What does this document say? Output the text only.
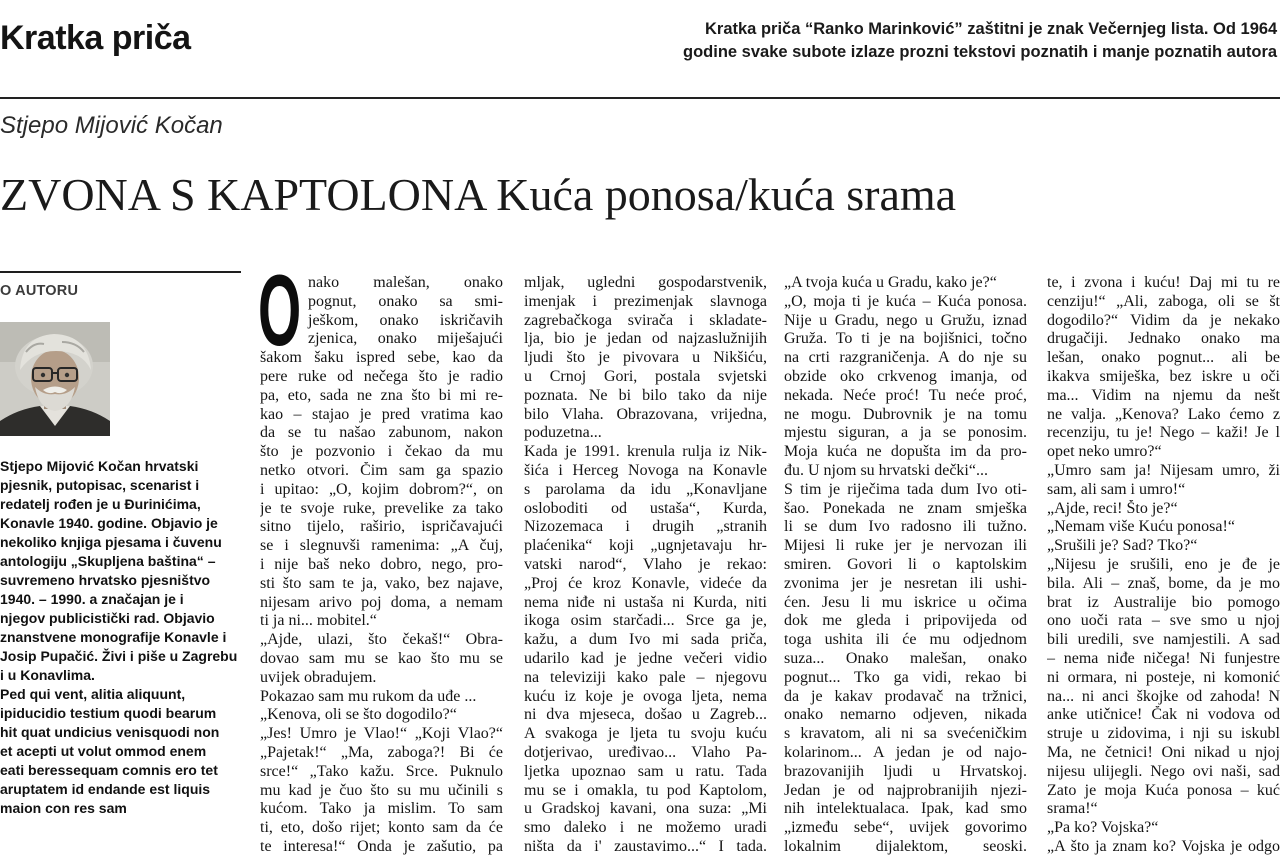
Kratka priča	Kratka priča “Ranko Marinković” zaštitni je znak Večernjeg lista. Od 1964
godine svake subote izlaze prozni tekstovi poznatih i manje poznatih autora
Stjepo Mijović Kočan
ZVONA S KAPTOLONA Kuća ponosa/kuća srama
O AUTORU
Stjepo Mijović Kočan hrvatski
pjesnik, putopisac, scenarist i
redatelj rođen je u Đurinićima,
Konavle 1940. godine. Objavio je
nekoliko knjiga pjesama i čuvenu
antologiju „Skupljena baština“ –
suvremeno hrvatsko pjesništvo
1940. – 1990. a značajan je i
njegov publicistički rad. Objavio
znanstvene monografije Konavle i
Josip Pupačić. Živi i piše u Zagrebu
i u Konavlima.
Ped qui vent, alitia aliquunt,
ipiducidio testium quodi bearum
hit quat undicius venisquodi non
et acepti ut volut ommod enem
eati beressequam comnis ero tet
aruptatem id endande est liquis
maion con res sam
O nako malešan, onako
pognut, onako sa smi-
ješkom, onako iskričavih
zjenica, onako miješajući
šakom šaku ispred sebe, kao da
pere ruke od nečega što je radio
pa, eto, sada ne zna što bi mi re-
kao – stajao je pred vratima kao
da se tu našao zabunom, nakon
što je pozvonio i čekao da mu
netko otvori. Čim sam ga spazio
i upitao: „O, kojim dobrom?“, on
je te svoje ruke, prevelike za tako
sitno tijelo, raširio, ispričavajući
se i slegnuvši ramenima: „A čuj,
i nije baš neko dobro, nego, pro-
sti što sam te ja, vako, bez najave,
nijesam arivo poj doma, a nemam
ti ja ni... mobitel.“
„Ajde, ulazi, što čekaš!“ Obra-
dovao sam mu se kao što mu se
uvijek obradujem.
Pokazao sam mu rukom da uđe ...
„Kenova, oli se što dogodilo?“
„Jes! Umro je Vlao!“ „Koji Vlao?“
„Pajetak!“ „Ma, zaboga?! Bi će
srce!“ „Tako kažu. Srce. Puknulo
mu kad je čuo što su mu učinili s
kućom. Tako ja mislim. To sam
ti, eto, došo rijet; konto sam da će
te interesa!“ Onda je zašutio, pa
mljak, ugledni gospodarstvenik,
imenjak i prezimenjak slavnoga
zagrebačkoga svirača i skladate-
lja, bio je jedan od najzaslužnijih
ljudi što je pivovara u Nikšiću,
u Crnoj Gori, postala svjetski
poznata. Ne bi bilo tako da nije
bilo Vlaha. Obrazovana, vrijedna,
poduzetna...
Kada je 1991. krenula rulja iz Nik-
šića i Herceg Novoga na Konavle
s parolama da idu „Konavljane
osloboditi od ustaša“, Kurda,
Nizozemaca i drugih „stranih
plaćenika“ koji „ugnjetavaju hr-
vatski narod“, Vlaho je rekao:
„Proj će kroz Konavle, videće da
nema niđe ni ustaša ni Kurda, niti
ikoga osim starčadi... Srce ga je,
kažu, a dum Ivo mi sada priča,
udarilo kad je jedne večeri vidio
na televiziji kako pale – njegovu
kuću iz koje je ovoga ljeta, nema
ni dva mjeseca, došao u Zagreb...
A svakoga je ljeta tu svoju kuću
dotjerivao, uređivao... Vlaho Pa-
ljetka upoznao sam u ratu. Tada
mu se i omakla, tu pod Kaptolom,
u Gradskoj kavani, ona suza: „Mi
smo daleko i ne možemo uradi
ništa da i' zaustavimo...“ I tada.
„A tvoja kuća u Gradu, kako je?“
„O, moja ti je kuća – Kuća ponosa.
Nije u Gradu, nego u Gružu, iznad
Gruža. To ti je na bojišnici, točno
na crti razgraničenja. A do nje su
obzide oko crkvenog imanja, od
nekada. Neće proć! Tu neće proć,
ne mogu. Dubrovnik je na tomu
mjestu siguran, a ja se ponosim.
Moja kuća ne dopušta im da pro-
đu. U njom su hrvatski dečki“...
S tim je riječima tada dum Ivo oti-
šao. Ponekada ne znam smješka
li se dum Ivo radosno ili tužno.
Mijesi li ruke jer je nervozan ili
smiren. Govori li o kaptolskim
zvonima jer je nesretan ili ushi-
ćen. Jesu li mu iskrice u očima
dok me gleda i pripovijeda od
toga ushita ili će mu odjednom
suza... Onako malešan, onako
pognut... Tko ga vidi, rekao bi
da je kakav prodavač na tržnici,
onako nemarno odjeven, nikada
s kravatom, ali ni sa svećeničkim
kolarinom... A jedan je od najo-
brazovanijih ljudi u Hrvatskoj.
Jedan je od najprobranijih njezi-
nih intelektualaca. Ipak, kad smo
„između sebe“, uvijek govorimo
lokalnim dijalektom, seoski.
te, i zvona i kuću! Daj mi tu re
cenziju!“ „Ali, zaboga, oli se št
dogodilo?“ Vidim da je nekako
drugačiji. Jednako onako ma
lešan, onako pognut... ali be
ikakva smiješka, bez iskre u oči
ma... Vidim na njemu da nešt
ne valja. „Kenova? Lako ćemo z
recenziju, tu je! Nego – kaži! Je l
opet neko umro?“
„Umro sam ja! Nijesam umro, ži
sam, ali sam i umro!“
„Ajde, reci! Što je?“
„Nemam više Kuću ponosa!“
„Srušili je? Sad? Tko?“
„Nijesu je srušili, eno je đe je
bila. Ali – znaš, bome, da je mo
brat iz Australije bio pomogo
ono uoči rata – sve smo u njoj
bili uredili, sve namjestili. A sad
– nema niđe ničega! Ni funjestre
ni ormara, ni posteje, ni komonić
na... ni anci škojke od zahoda! N
anke utičnice! Čak ni vodova od
struje u zidovima, i nji su iskubl
Ma, ne četnici! Oni nikad u njoj
nijesu ulijegli. Nego ovi naši, sad
Zato je moja Kuća ponosa – kuć
srama!“
„Pa ko? Vojska?“
„A što ja znam ko? Vojska je odgo
